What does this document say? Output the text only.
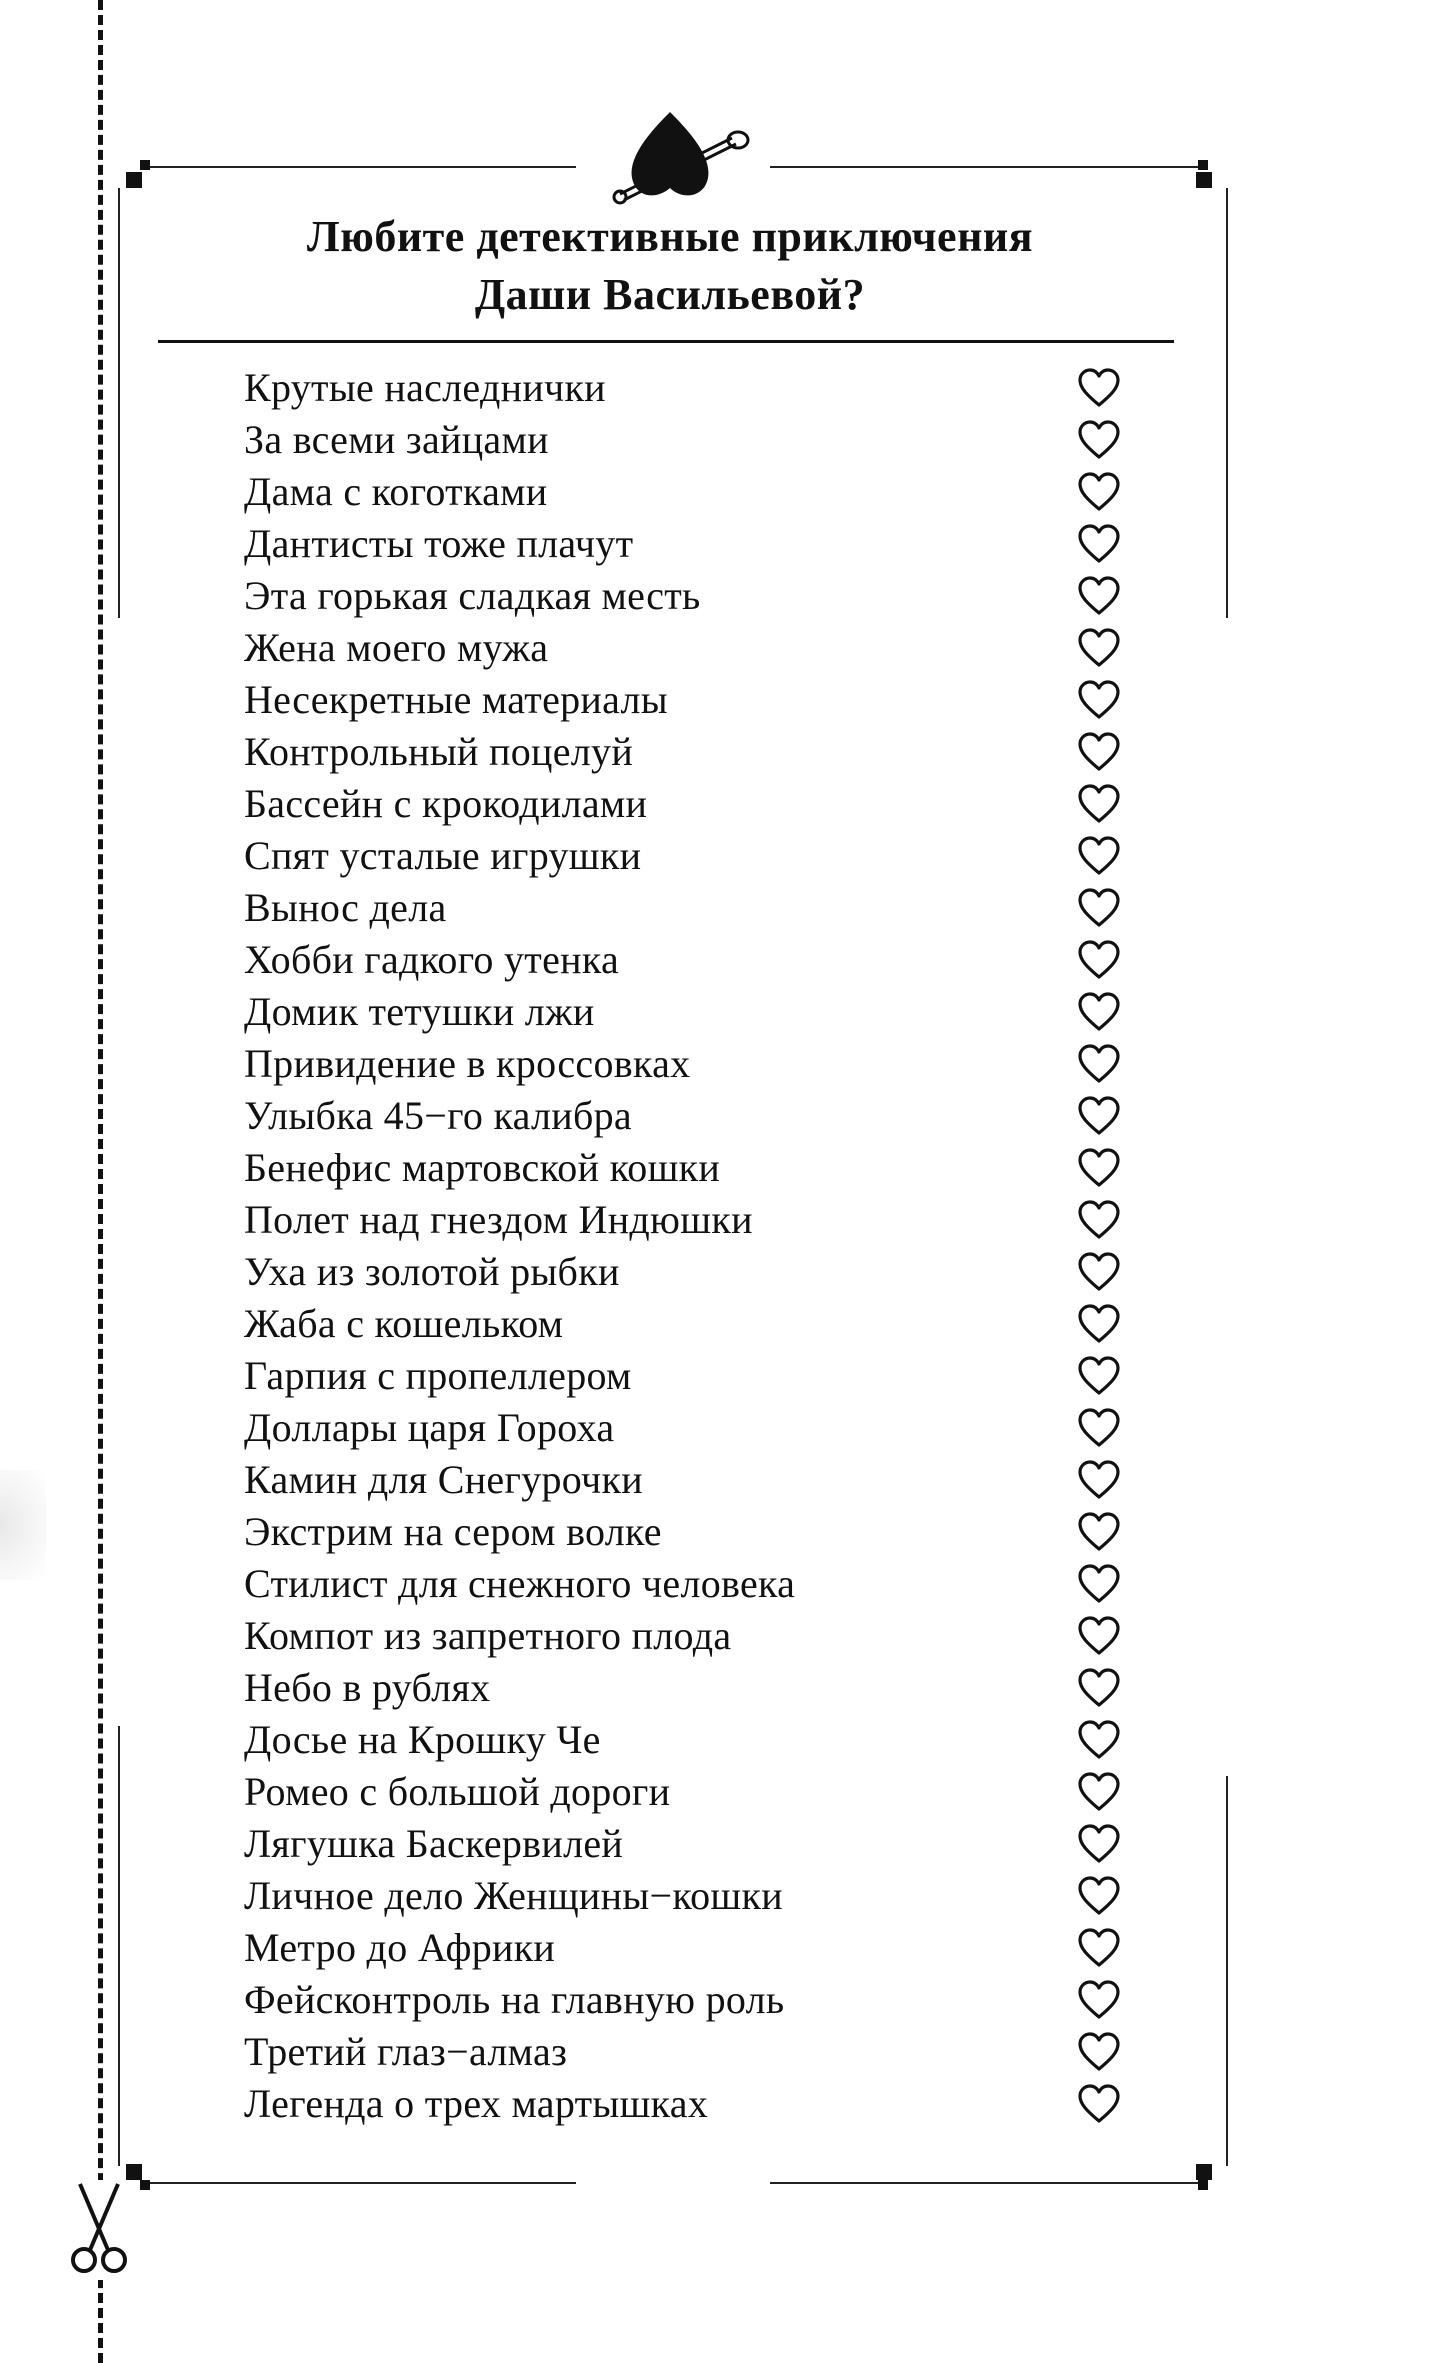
Любите детективные приключения
Даши Васильевой?
Крутые наследнички
За всеми зайцами
Дама с коготками
Дантисты тоже плачут
Эта горькая сладкая месть
Жена моего мужа
Несекретные материалы
Контрольный поцелуй
Бассейн с крокодилами
Спят усталые игрушки
Вынос дела
Хобби гадкого утенка
Домик тетушки лжи
Привидение в кроссовках
Улыбка 45−го калибра
Бенефис мартовской кошки
Полет над гнездом Индюшки
Уха из золотой рыбки
Жаба с кошельком
Гарпия с пропеллером
Доллары царя Гороха
Камин для Снегурочки
Экстрим на сером волке
Стилист для снежного человека
Компот из запретного плода
Небо в рублях
Досье на Крошку Че
Ромео с большой дороги
Лягушка Баскервилей
Личное дело Женщины−кошки
Метро до Африки
Фейсконтроль на главную роль
Третий глаз−алмаз
Легенда о трех мартышках
